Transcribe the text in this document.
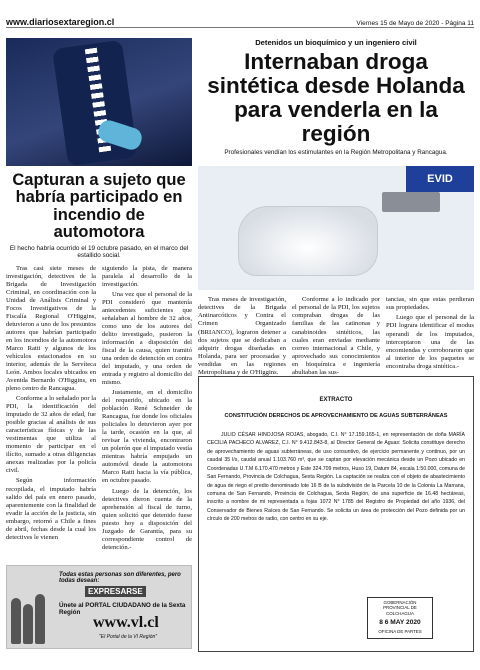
www.diariosextaregion.cl	Viernes 15 de Mayo de 2020 - Página 11
Capturan a sujeto que habría participado en incendio de automotora
El hecho habría ocurrido el 19 octubre pasado, en el marco del estallido social.

Tras casi siete meses de investigación, detectives de la Brigada de Investigación Criminal, en coordinación con la Unidad de Análisis Criminal y Focos Investigativos de la Fiscalía Regional O'Higgins, detuvieron a uno de los presuntos autores que habrían participado en los incendios de la automotora Marco Ratti y algunos de los vehículos estacionados en su interior, además de la Servíteca León. Ambos locales ubicados en Avenida Bernardo O'Higgins, en pleno centro de Rancagua.

Conforme a lo señalado por la PDI, la identificación del imputado de 32 años de edad, fue posible gracias al análisis de sus características físicas y de las vestimentas que utiliza al momento de participar en el ilícito, sumado a otras diligencias anexas realizadas por la policía civil.

Según información recopilada, el imputado habría salido del país en enero pasado, aparentemente con la finalidad de evadir la acción de la justicia, sin embargo, retornó a Chile a fines de abril, fechas desde la cual los detectives le vienen

siguiendo la pista, de manera paralela al desarrollo de la investigación.

Una vez que el personal de la PDI consideró que mantenía antecedentes suficientes que señalaban al hombre de 32 años, como uno de los autores del delito investigado, pusieron la información a disposición del fiscal de la causa, quien tramitó una orden de detención en contra del imputado, y una orden de entrada y registro al domicilio del mismo.

Justamente, en el domicilio del requerido, ubicado en la población René Schneider de Rancagua, fue donde los oficiales policiales lo detuvieron ayer por la tarde, ocasión en la que, al revisar la vivienda, encontraron un polerón que el imputado vestía mientras habría empujado un automóvil desde la automotora Marco Ratti hacia la vía pública, en octubre pasado.

Luego de la detención, los detectives dieron cuenta de la aprehensión al fiscal de turno, quien solicitó que detenido fuese puesto hoy a disposición del Juzgado de Garantía, para su correspondiente control de detención.-

Todas estas personas son diferentes, pero todas desean:
EXPRESARSE
Únete al PORTAL CIUDADANO de la Sexta Región
www.vl.cl
"El Portal de la VI Región"
Detenidos un bioquímico y un ingeniero civil
Internaban droga sintética desde Holanda para venderla en la región
Profesionales vendían los estimulantes en la Región Metropolitana y Rancagua.
EVID

Tras meses de investigación, detectives de la Brigada Antinarcóticos y Contra el Crimen Organizado (BRIANCO), lograron detener a dos sujetos que se dedicaban a adquirir drogas diseñadas en Holanda, para ser procesadas y vendidas en las regiones Metropolitana y de O'Higgins.

Conforme a lo indicado por el personal de la PDI, los sujetos compraban drogas de las familias de las catinonas y canabinoides sintéticos, las cuales eran enviadas mediante correo internacional a Chile, y aprovechado sus conocimientos en bioquímica e ingeniería abultaban las sus-

tancias, sin que estas perdieran sus propiedades.

Luego que el personal de la PDI lograra identificar el modus operandi de los imputados, interceptaron una de las encomiendas y corroboraron que al interior de los paquetes se encontraba droga sintética.-

EXTRACTO
CONSTITUCIÓN DERECHOS DE APROVECHAMIENTO DE AGUAS SUBTERRÁNEAS

JULIO CÉSAR HINOJOSA ROJAS, abogado, C.I. N° 17.159.165-1, en representación de doña MARÍA CECILIA PACHECO ALVAREZ, C.I. N° 9.412.843-8, al Director General de Aguas: Solicita constituye derecho de aprovechamiento de aguas subterráneas, de uso consuntivo, de ejercicio permanente y continuo, por un caudal 35 l/s, caudal anual 1.103.760 m³, que se captan por elevación mecánica desde un Pozo ubicado en Coordenadas U.T.M 6.170.470 metros y Este 324.709 metros, Huso 19, Datum 84, escala 1:50.000, comuna de San Fernando, Provincia de Colchagua, Sexta Región. La captación se realiza con el objeto de abastecimiento de agua de riego el predio denominado lote 16 B de la subdivisión de la Parcela 10 de la Colonia La Marrana, comuna de San Fernando, Provincia de Colchagua, Sexta Región, de una superficie de 16.48 hectáreas, inscrito a nombre de mi representada a fojas 1072 N° 1785 del Registro de Propiedad del año 1936, del Conservador de Bienes Raíces de San Fernando. Se solicita un área de protección del Pozo definida por un círculo de 200 metros de radio, con centro en su eje.

GOBERNACIÓN PROVINCIAL DE COLCHAGUA
8 6 MAY 2020
OFICINA DE PARTES
